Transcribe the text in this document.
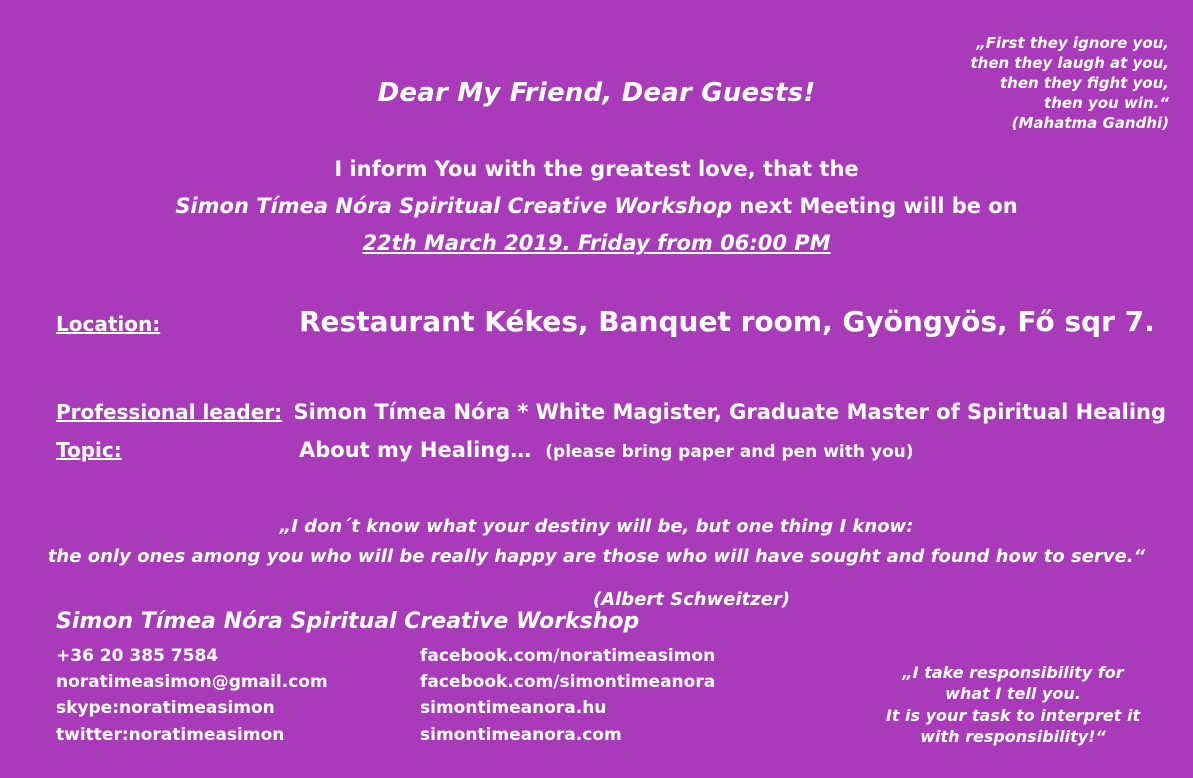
„First they ignore you,
then they laugh at you,
then they fight you,
then you win.“
(Mahatma Gandhi)
Dear My Friend, Dear Guests!
I inform You with the greatest love, that the
Simon Tímea Nóra Spiritual Creative Workshop next Meeting will be on
22th March 2019. Friday from 06:00 PM
Location:	Restaurant Kékes, Banquet room, Gyöngyös, Fő sqr 7.
Professional leader: Simon Tímea Nóra * White Magister, Graduate Master of Spiritual Healing
Topic:	About my Healing… (please bring paper and pen with you)
„I don´t know what your destiny will be, but one thing I know:
the only ones among you who will be really happy are those who will have sought and found how to serve.“
(Albert Schweitzer)
Simon Tímea Nóra Spiritual Creative Workshop
+36 20 385 7584
noratimeasimon@gmail.com
skype:noratimeasimon
twitter:noratimeasimon
facebook.com/noratimeasimon
facebook.com/simontimeanora
simontimeanora.hu
simontimeanora.com
„I take responsibility for
what I tell you.
It is your task to interpret it
with responsibility!“
